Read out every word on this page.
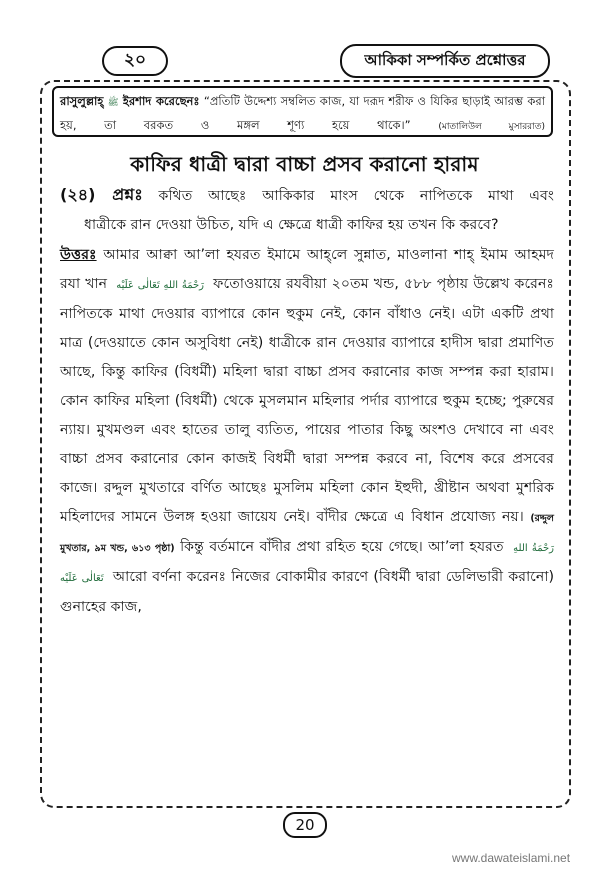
২০	আকিকা সম্পর্কিত প্রশ্নোত্তর
রাসুলুল্লাহ্ ﷺ ইরশাদ করেছেনঃ “প্রতিটি উদ্দেশ্য সম্বলিত কাজ, যা দরূদ শরীফ ও যিকির ছাড়াই আরম্ভ করা হয়, তা বরকত ও মঙ্গল শূণ্য হয়ে থাকে।”	(মাতালিউল মুসাররাত)
কাফির ধাত্রী দ্বারা বাচ্চা প্রসব করানো হারাম
(২৪) প্রশ্নঃ কথিত আছেঃ আকিকার মাংস থেকে নাপিতকে মাথা এবং
ধাত্রীকে রান দেওয়া উচিত, যদি এ ক্ষেত্রে ধাত্রী কাফির হয় তখন কি করবে?
উত্তরঃ আমার আক্বা আ’লা হযরত ইমামে আহ্‌লে সুন্নাত, মাওলানা শাহ্ ইমাম আহমদ রযা খান رَحْمَةُ اللهِ تَعَالٰى عَلَيْه ফতোওয়ায়ে রযবীয়া ২০তম খন্ড, ৫৮৮ পৃষ্ঠায় উল্লেখ করেনঃ নাপিতকে মাথা দেওয়ার ব্যাপারে কোন হুকুম নেই, কোন বাঁধাও নেই। এটা একটি প্রথা মাত্র (দেওয়াতে কোন অসুবিধা নেই) ধাত্রীকে রান দেওয়ার ব্যাপারে হাদীস দ্বারা প্রমাণিত আছে, কিন্তু কাফির (বিধর্মী) মহিলা দ্বারা বাচ্চা প্রসব করানোর কাজ সম্পন্ন করা হারাম। কোন কাফির মহিলা (বিধর্মী) থেকে মুসলমান মহিলার পর্দার ব্যাপারে হুকুম হচ্ছে; পুরুষের ন্যায়। মুখমণ্ডল এবং হাতের তালু ব্যতিত, পায়ের পাতার কিছু অংশও দেখাবে না এবং বাচ্চা প্রসব করানোর কোন কাজই বিধর্মী দ্বারা সম্পন্ন করবে না, বিশেষ করে প্রসবের কাজে। রদ্দুল মুখতারে বর্ণিত আছেঃ মুসলিম মহিলা কোন ইহুদী, খ্রীষ্টান অথবা মুশরিক মহিলাদের সামনে উলঙ্গ হওয়া জায়েয নেই। বাঁদীর ক্ষেত্রে এ বিধান প্রযোজ্য নয়। (রদ্দুল মুখতার, ৯ম খন্ড, ৬১৩ পৃষ্ঠা) কিন্তু বর্তমানে বাঁদীর প্রথা রহিত হয়ে গেছে। আ’লা হযরত رَحْمَةُ اللهِ تَعَالٰى عَلَيْه আরো বর্ণনা করেনঃ নিজের বোকামীর কারণে (বিধর্মী দ্বারা ডেলিভারী করানো) গুনাহের কাজ,
20
www.dawateislami.net
